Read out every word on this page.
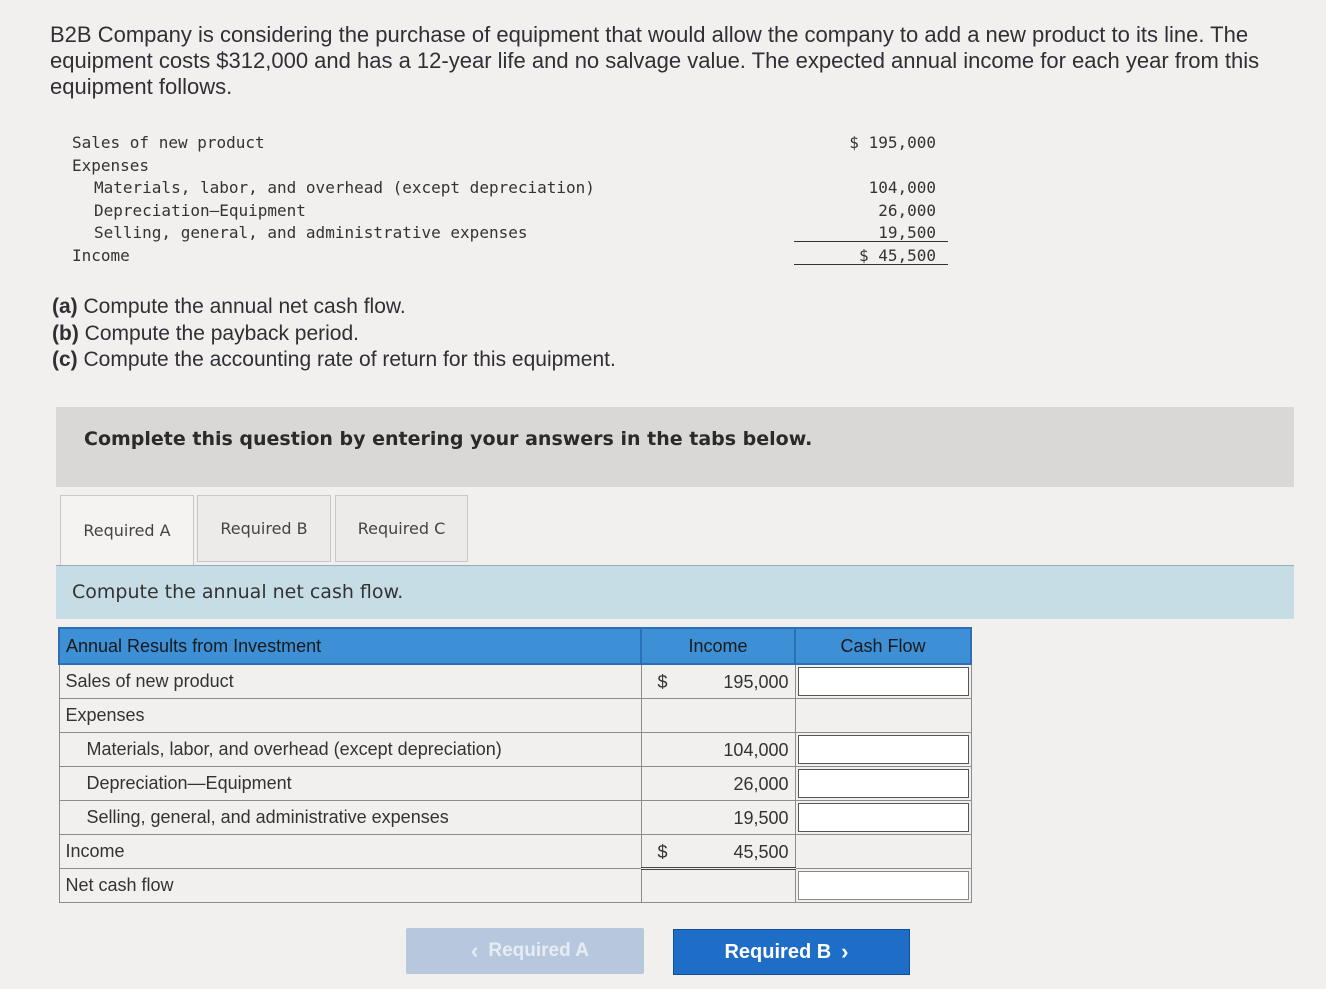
B2B Company is considering the purchase of equipment that would allow the company to add a new product to its line. The equipment costs $312,000 and has a 12-year life and no salvage value. The expected annual income for each year from this equipment follows.
Sales of new product	$ 195,000
Expenses
Materials, labor, and overhead (except depreciation)	104,000
Depreciation—Equipment	26,000
Selling, general, and administrative expenses	19,500
Income	$ 45,500
(a) Compute the annual net cash flow.
(b) Compute the payback period.
(c) Compute the accounting rate of return for this equipment.
Complete this question by entering your answers in the tabs below.
Required A	Required B	Required C
Compute the annual net cash flow.
Annual Results from Investment	Income	Cash Flow
Sales of new product	$ 195,000

Expenses		
Materials, labor, and overhead (except depreciation)	104,000

Depreciation—Equipment	26,000

Selling, general, and administrative expenses	19,500

Income	$ 45,500	

Net cash flow		
‹ Required A	Required B ›
